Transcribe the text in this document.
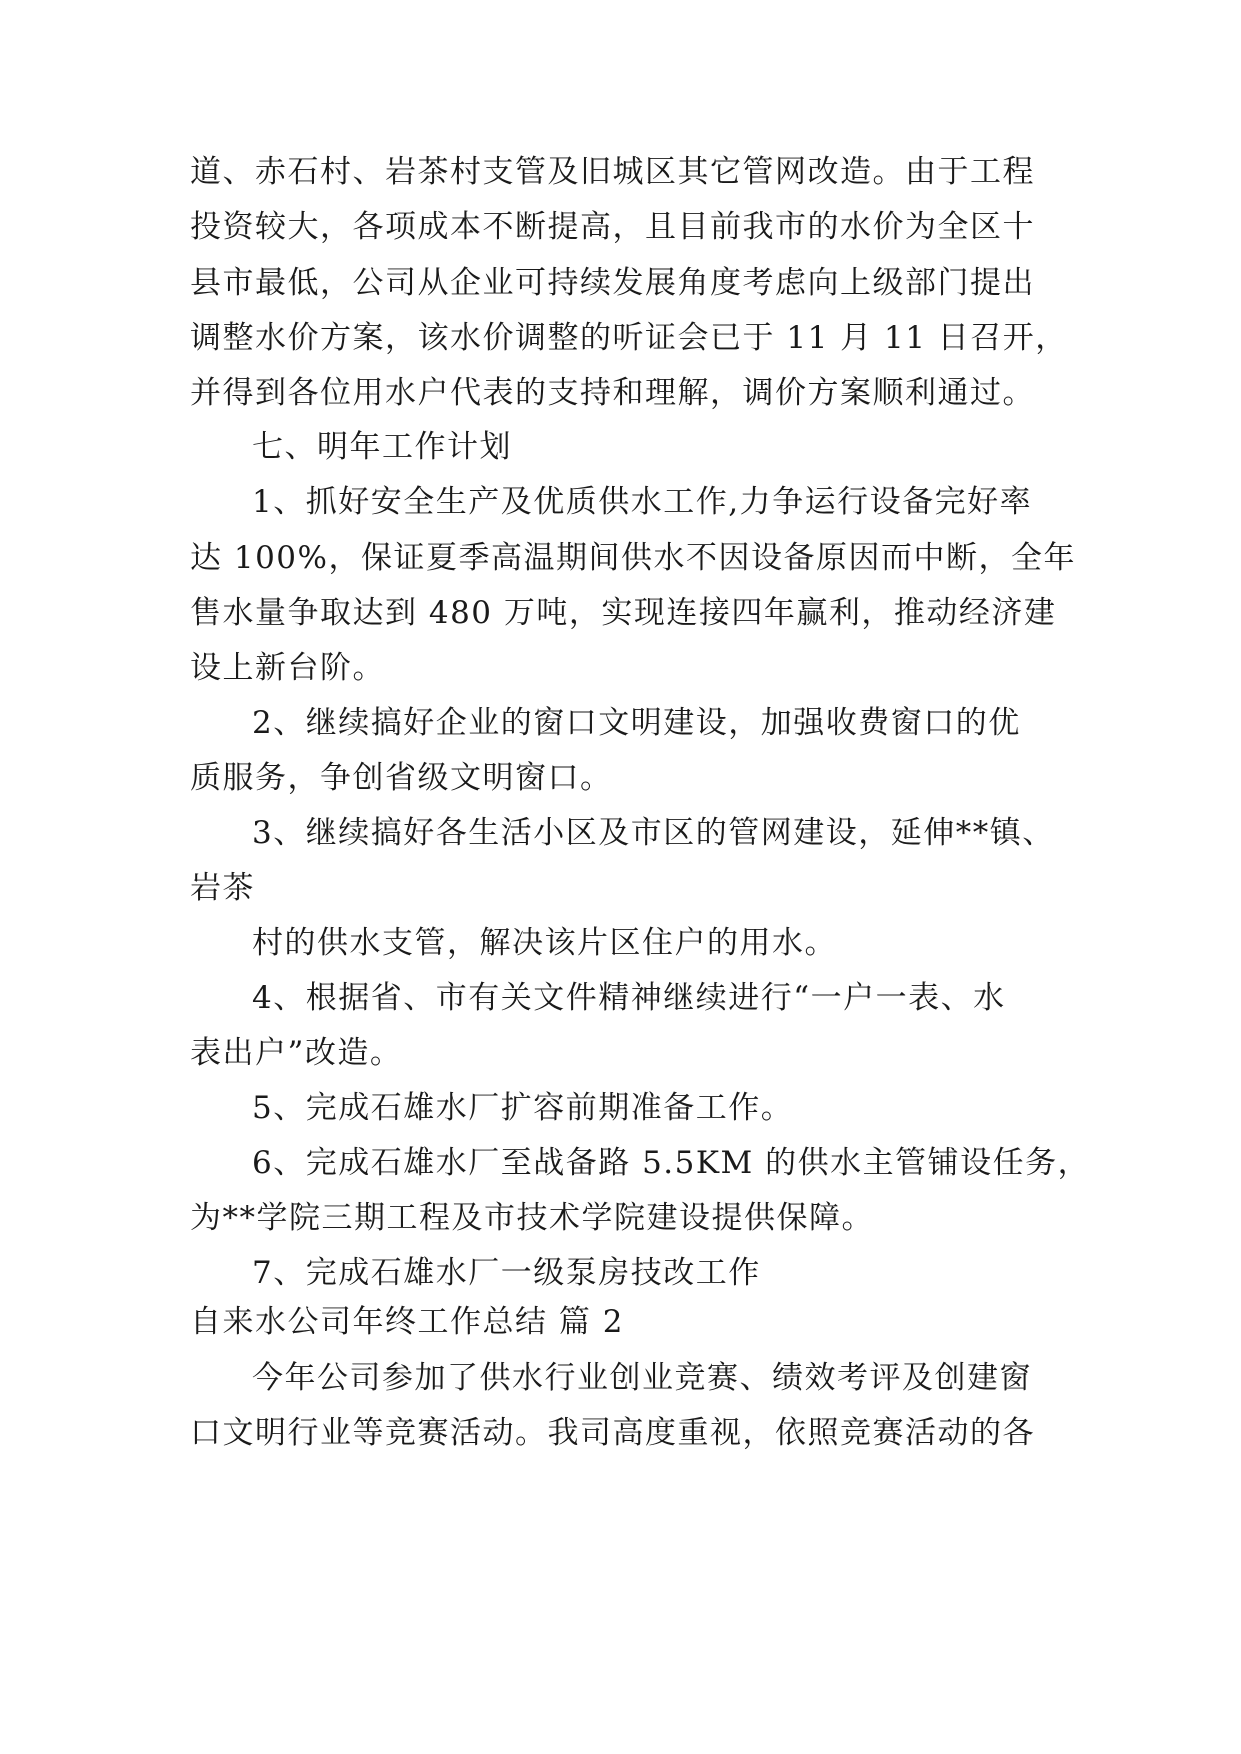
道、赤石村、岩茶村支管及旧城区其它管网改造。由于工程
投资较大，各项成本不断提高，且目前我市的水价为全区十
县市最低，公司从企业可持续发展角度考虑向上级部门提出
调整水价方案，该水价调整的听证会已于 11 月 11 日召开，
并得到各位用水户代表的支持和理解，调价方案顺利通过。
七、明年工作计划
1、抓好安全生产及优质供水工作,力争运行设备完好率
达 100%，保证夏季高温期间供水不因设备原因而中断，全年
售水量争取达到 480 万吨，实现连接四年赢利，推动经济建
设上新台阶。
2、继续搞好企业的窗口文明建设，加强收费窗口的优
质服务，争创省级文明窗口。
3、继续搞好各生活小区及市区的管网建设，延伸**镇、
岩茶
村的供水支管，解决该片区住户的用水。
4、根据省、市有关文件精神继续进行“一户一表、水
表出户”改造。
5、完成石雄水厂扩容前期准备工作。
6、完成石雄水厂至战备路 5.5KM 的供水主管铺设任务，
为**学院三期工程及市技术学院建设提供保障。
7、完成石雄水厂一级泵房技改工作
自来水公司年终工作总结 篇 2
今年公司参加了供水行业创业竞赛、绩效考评及创建窗
口文明行业等竞赛活动。我司高度重视，依照竞赛活动的各
